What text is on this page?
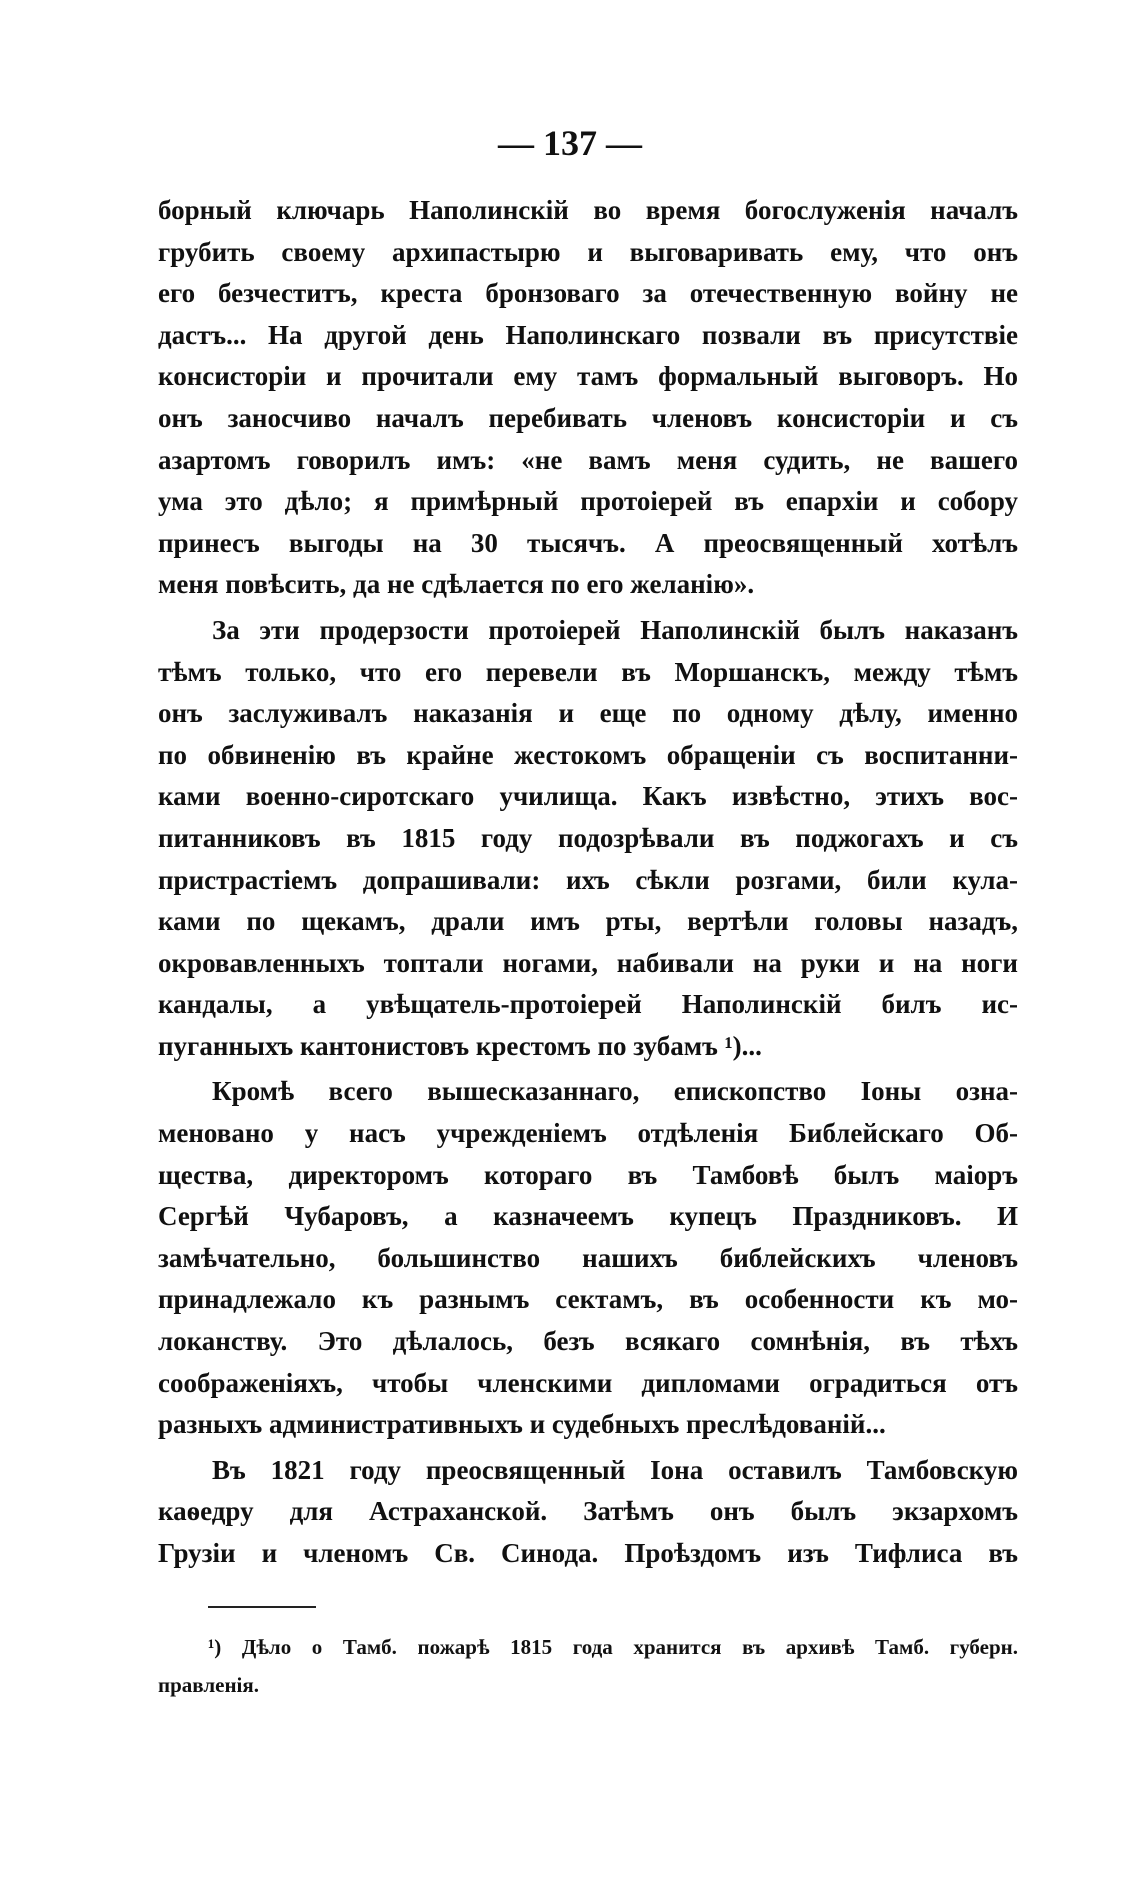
— 137 —
борный ключарь Наполинскій во время богослуженія началъ
грубить своему архипастырю и выговаривать ему, что онъ
его безчеститъ, креста бронзоваго за отечественную войну не
дастъ... На другой день Наполинскаго позвали въ присутствіе
консисторіи и прочитали ему тамъ формальный выговоръ. Но
онъ заносчиво началъ перебивать членовъ консисторіи и съ
азартомъ говорилъ имъ: «не вамъ меня судить, не вашего
ума это дѣло; я примѣрный протоіерей въ епархіи и собору
принесъ выгоды на 30 тысячъ. А преосвященный хотѣлъ
меня повѣсить, да не сдѣлается по его желанію».
За эти продерзости протоіерей Наполинскій былъ наказанъ
тѣмъ только, что его перевели въ Моршанскъ, между тѣмъ
онъ заслуживалъ наказанія и еще по одному дѣлу, именно
по обвиненію въ крайне жестокомъ обращеніи съ воспитанни-
ками военно-сиротскаго училища. Какъ извѣстно, этихъ вос-
питанниковъ въ 1815 году подозрѣвали въ поджогахъ и съ
пристрастіемъ допрашивали: ихъ сѣкли розгами, били кула-
ками по щекамъ, драли имъ рты, вертѣли головы назадъ,
окровавленныхъ топтали ногами, набивали на руки и на ноги
кандалы, а увѣщатель-протоіерей Наполинскій билъ ис-
пуганныхъ кантонистовъ крестомъ по зубамъ ¹)...
Кромѣ всего вышесказаннаго, епископство Іоны озна-
меновано у насъ учрежденіемъ отдѣленія Библейскаго Об-
щества, директоромъ котораго въ Тамбовѣ былъ маіоръ
Сергѣй Чубаровъ, а казначеемъ купецъ Праздниковъ. И
замѣчательно, большинство нашихъ библейскихъ членовъ
принадлежало къ разнымъ сектамъ, въ особенности къ мо-
локанству. Это дѣлалось, безъ всякаго сомнѣнія, въ тѣхъ
соображеніяхъ, чтобы членскими дипломами оградиться отъ
разныхъ административныхъ и судебныхъ преслѣдованій...
Въ 1821 году преосвященный Іона оставилъ Тамбовскую
каѳедру для Астраханской. Затѣмъ онъ былъ экзархомъ
Грузіи и членомъ Св. Синода. Проѣздомъ изъ Тифлиса въ
¹) Дѣло о Тамб. пожарѣ 1815 года хранится въ архивѣ Тамб. губерн.
правленія.
